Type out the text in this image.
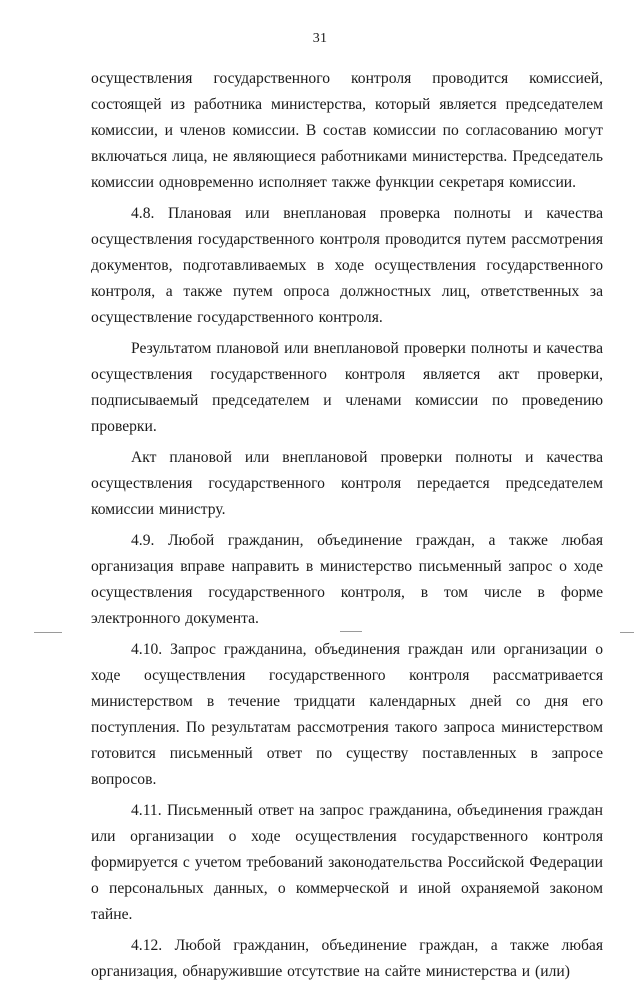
31

осуществления государственного контроля проводится комиссией, состоящей из работника министерства, который является председателем комиссии, и членов комиссии. В состав комиссии по согласованию могут включаться лица, не являющиеся работниками министерства. Председатель комиссии одновременно исполняет также функции секретаря комиссии.

4.8. Плановая или внеплановая проверка полноты и качества осуществления государственного контроля проводится путем рассмотрения документов, подготавливаемых в ходе осуществления государственного контроля, а также путем опроса должностных лиц, ответственных за осуществление государственного контроля.

Результатом плановой или внеплановой проверки полноты и качества осуществления государственного контроля является акт проверки, подписываемый председателем и членами комиссии по проведению проверки.

Акт плановой или внеплановой проверки полноты и качества осуществления государственного контроля передается председателем комиссии министру.

4.9. Любой гражданин, объединение граждан, а также любая организация вправе направить в министерство письменный запрос о ходе осуществления государственного контроля, в том числе в форме электронного документа.

4.10. Запрос гражданина, объединения граждан или организации о ходе осуществления государственного контроля рассматривается министерством в течение тридцати календарных дней со дня его поступления. По результатам рассмотрения такого запроса министерством готовится письменный ответ по существу поставленных в запросе вопросов.

4.11. Письменный ответ на запрос гражданина, объединения граждан или организации о ходе осуществления государственного контроля формируется с учетом требований законодательства Российской Федерации о персональных данных, о коммерческой и иной охраняемой законом тайне.

4.12. Любой гражданин, объединение граждан, а также любая организация, обнаружившие отсутствие на сайте министерства и (или)
